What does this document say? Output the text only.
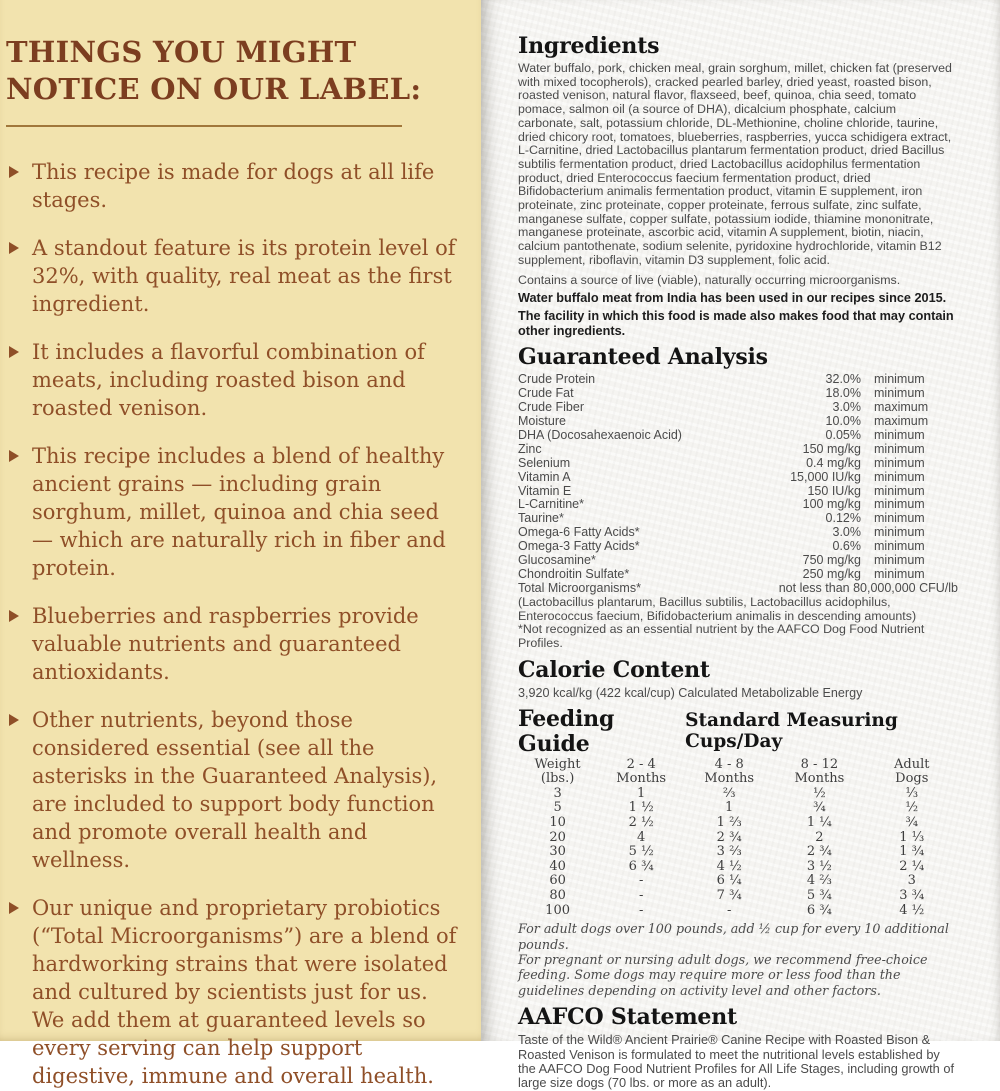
THINGS YOU MIGHT
NOTICE ON OUR LABEL:
This recipe is made for dogs at all life stages.
A standout feature is its protein level of 32%, with quality, real meat as the first ingredient.
It includes a flavorful combination of meats, including roasted bison and roasted venison.
This recipe includes a blend of healthy ancient grains — including grain sorghum, millet, quinoa and chia seed — which are naturally rich in fiber and protein.
Blueberries and raspberries provide valuable nutrients and guaranteed antioxidants.
Other nutrients, beyond those considered essential (see all the asterisks in the Guaranteed Analysis), are included to support body function and promote overall health and wellness.
Our unique and proprietary probiotics (“Total Microorganisms”) are a blend of hardworking strains that were isolated and cultured by scientists just for us. We add them at guaranteed levels so every serving can help support digestive, immune and overall health.
Ingredients
Water buffalo, pork, chicken meal, grain sorghum, millet, chicken fat (preserved with mixed tocopherols), cracked pearled barley, dried yeast, roasted bison, roasted venison, natural flavor, flaxseed, beef, quinoa, chia seed, tomato pomace, salmon oil (a source of DHA), dicalcium phosphate, calcium carbonate, salt, potassium chloride, DL-Methionine, choline chloride, taurine, dried chicory root, tomatoes, blueberries, raspberries, yucca schidigera extract, L-Carnitine, dried Lactobacillus plantarum fermentation product, dried Bacillus subtilis fermentation product, dried Lactobacillus acidophilus fermentation product, dried Enterococcus faecium fermentation product, dried Bifidobacterium animalis fermentation product, vitamin E supplement, iron proteinate, zinc proteinate, copper proteinate, ferrous sulfate, zinc sulfate, manganese sulfate, copper sulfate, potassium iodide, thiamine mononitrate, manganese proteinate, ascorbic acid, vitamin A supplement, biotin, niacin, calcium pantothenate, sodium selenite, pyridoxine hydrochloride, vitamin B12 supplement, riboflavin, vitamin D3 supplement, folic acid.
Contains a source of live (viable), naturally occurring microorganisms.
Water buffalo meat from India has been used in our recipes since 2015.
The facility in which this food is made also makes food that may contain other ingredients.
Guaranteed Analysis
Crude Protein	32.0%	minimum
Crude Fat	18.0%	minimum
Crude Fiber	3.0%	maximum
Moisture	10.0%	maximum
DHA (Docosahexaenoic Acid)	0.05%	minimum
Zinc	150 mg/kg	minimum
Selenium	0.4 mg/kg	minimum
Vitamin A	15,000 IU/kg	minimum
Vitamin E	150 IU/kg	minimum
L-Carnitine*	100 mg/kg	minimum
Taurine*	0.12%	minimum
Omega-6 Fatty Acids*	3.0%	minimum
Omega-3 Fatty Acids*	0.6%	minimum
Glucosamine*	750 mg/kg	minimum
Chondroitin Sulfate*	250 mg/kg	minimum
Total Microorganisms*	not less than 80,000,000 CFU/lb	
(Lactobacillus plantarum, Bacillus subtilis, Lactobacillus acidophilus, Enterococcus faecium, Bifidobacterium animalis in descending amounts)
*Not recognized as an essential nutrient by the AAFCO Dog Food Nutrient Profiles.
Calorie Content
3,920 kcal/kg (422 kcal/cup) Calculated Metabolizable Energy
Feeding Guide
Standard Measuring Cups/Day
Weight
(lbs.)

2 - 4
Months

4 - 8
Months

8 - 12
Months

Adult
Dogs

3	1	⅔	½	⅓
5	1 ½	1	¾	½
10	2 ½	1 ⅔	1 ¼	¾
20	4	2 ¾	2	1 ⅓
30	5 ½	3 ⅔	2 ¾	1 ¾
40	6 ¾	4 ½	3 ½	2 ¼
60	-	6 ¼	4 ⅔	3
80	-	7 ¾	5 ¾	3 ¾
100	-	-	6 ¾	4 ½
For adult dogs over 100 pounds, add ½ cup for every 10 additional pounds.
For pregnant or nursing adult dogs, we recommend free-choice feeding. Some dogs may require more or less food than the guidelines depending on activity level and other factors.
AAFCO Statement
Taste of the Wild® Ancient Prairie® Canine Recipe with Roasted Bison & Roasted Venison is formulated to meet the nutritional levels established by the AAFCO Dog Food Nutrient Profiles for All Life Stages, including growth of large size dogs (70 lbs. or more as an adult).
